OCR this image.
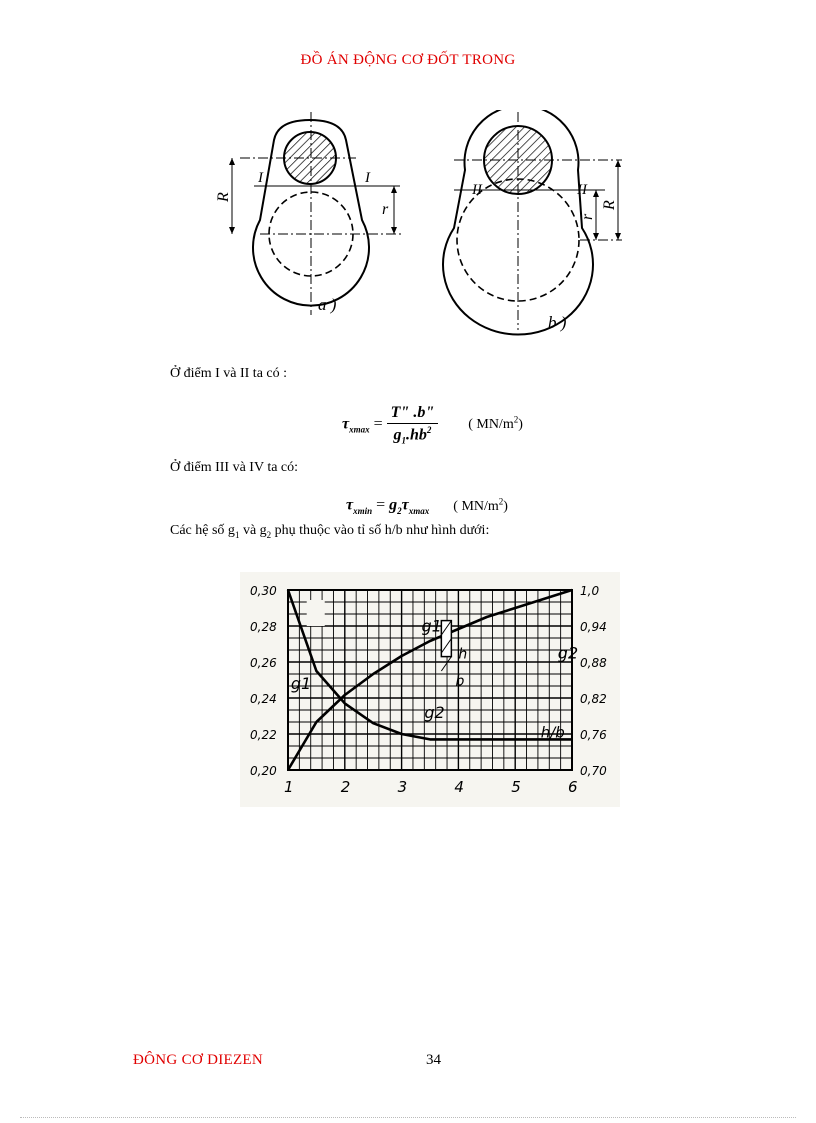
ĐỒ ÁN ĐỘNG CƠ ĐỐT TRONG
R
r
I	I
a )
R
r
II	II
b )
Ở điểm I và II ta có :
$\tau_{xmax} = \frac{T" .b"}{g_1.hb^2}$ ( $MN/m^2$)
Ở điểm III và IV ta có:
$\tau_{xmin} = g_2\tau_{xmax}$ ( $MN/m^2$)
Các hệ số $g_1$ và $g_2$ phụ thuộc vào tỉ số h/b như hình dưới:
1	2	3	4	5	6
0,20
0,22
0,24
0,26
0,28
0,30
0,70
0,76
0,82
0,88
0,94
1,0
g1
g1
g2
g2
h/b
h
b
ĐÔNG CƠ DIEZEN	34
